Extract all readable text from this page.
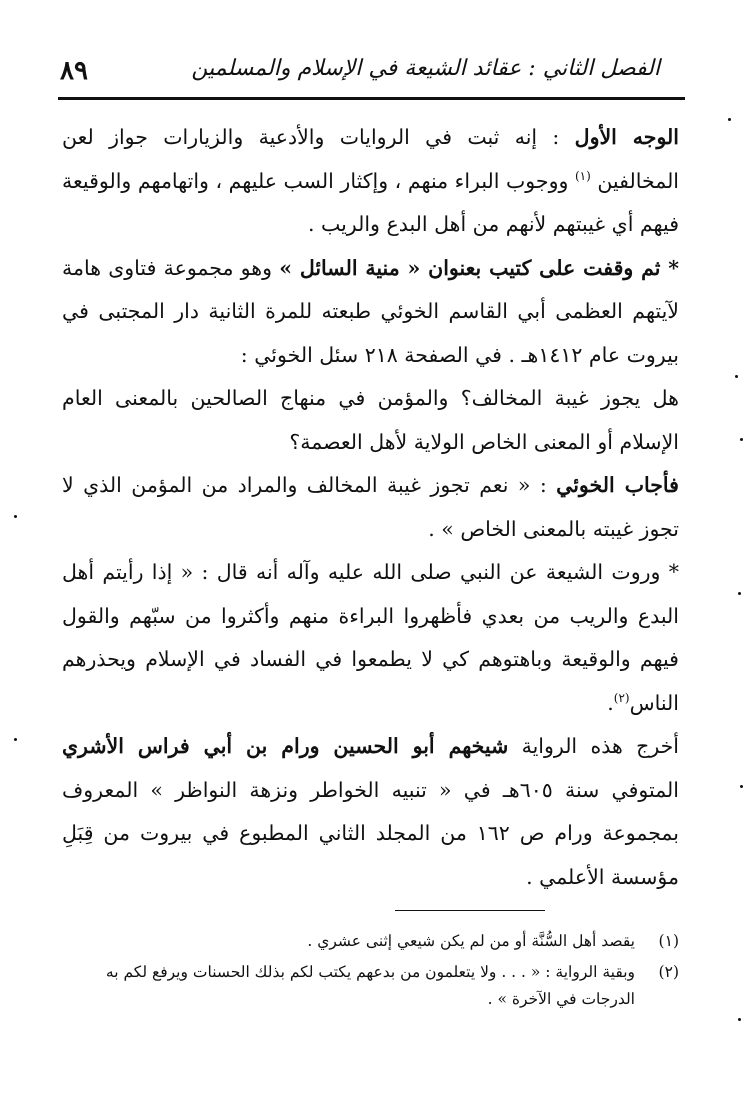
٨٩	الفصل الثاني : عقائد الشيعة في الإسلام والمسلمين

الوجه الأول : إنه ثبت في الروايات والأدعية والزيارات جواز لعن المخالفين $^{(١)}$ ووجوب البراء منهم ، وإكثار السب عليهم ، واتهامهم والوقيعة فيهم أي غيبتهم لأنهم من أهل البدع والريب .

* ثم وقفت على كتيب بعنوان « منية السائل » وهو مجموعة فتاوى هامة لآيتهم العظمى أبي القاسم الخوئي طبعته للمرة الثانية دار المجتبى في بيروت عام ١٤١٢هـ . في الصفحة ٢١٨ سئل الخوئي :

هل يجوز غيبة المخالف؟ والمؤمن في منهاج الصالحين بالمعنى العام الإسلام أو المعنى الخاص الولاية لأهل العصمة؟

فأجاب الخوئي : « نعم تجوز غيبة المخالف والمراد من المؤمن الذي لا تجوز غيبته بالمعنى الخاص » .

* وروت الشيعة عن النبي صلى الله عليه وآله أنه قال : « إذا رأيتم أهل البدع والريب من بعدي فأظهروا البراءة منهم وأكثروا من سبّهم والقول فيهم والوقيعة وباهتوهم كي لا يطمعوا في الفساد في الإسلام ويحذرهم الناس$^{(٢)}$.

أخرج هذه الرواية شيخهم أبو الحسين ورام بن أبي فراس الأشري المتوفي سنة ٦٠٥هـ في « تنبيه الخواطر ونزهة النواظر » المعروف بمجموعة ورام ص ١٦٢ من المجلد الثاني المطبوع في بيروت من قِبَلِ مؤسسة الأعلمي .

(١)
يقصد أهل السُّنَّة أو من لم يكن شيعي إثنى عشري .
(٢)
وبقية الرواية : « . . . ولا يتعلمون من بدعهم يكتب لكم بذلك الحسنات ويرفع لكم به الدرجات في الآخرة » .
